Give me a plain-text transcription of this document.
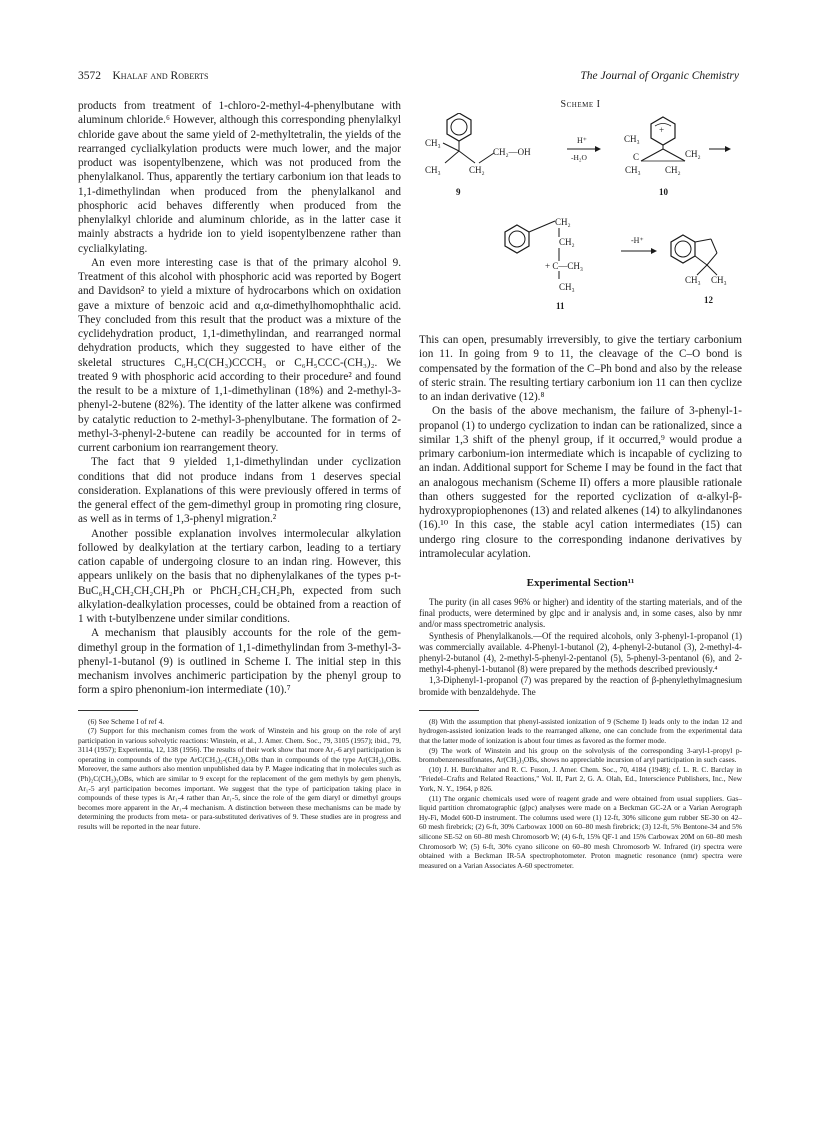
3572 Khalaf and Roberts	The Journal of Organic Chemistry

products from treatment of 1-chloro-2-methyl-4-phenylbutane with aluminum chloride.⁶ However, although this corresponding phenylalkyl chloride gave about the same yield of 2-methyltetralin, the yields of the rearranged cyclialkylation products were much lower, and the major product was isopentylbenzene, which was not produced from the phenylalkanol. Thus, apparently the tertiary carbonium ion that leads to 1,1-dimethylindan when produced from the phenylalkanol and phosphoric acid behaves differently when produced from the phenylalkyl chloride and aluminum chloride, as in the latter case it mainly abstracts a hydride ion to yield isopentylbenzene rather than cyclialkylating.

An even more interesting case is that of the primary alcohol 9. Treatment of this alcohol with phosphoric acid was reported by Bogert and Davidson² to yield a mixture of hydrocarbons which on oxidation gave a mixture of benzoic acid and α,α-dimethylhomophthalic acid. They concluded from this result that the product was a mixture of the cyclidehydration product, 1,1-dimethylindan, and rearranged normal dehydration products, which they suggested to have either of the skeletal structures C₆H₅C(CH₃)CCCH₃ or C₆H₅CCC-(CH₃)₂. We treated 9 with phosphoric acid according to their procedure² and found the result to be a mixture of 1,1-dimethylinan (18%) and 2-methyl-3-phenyl-2-butene (82%). The identity of the latter alkene was confirmed by catalytic reduction to 2-methyl-3-phenylbutane. The formation of 2-methyl-3-phenyl-2-butene can readily be accounted for in terms of current carbonium ion rearrangement theory.

The fact that 9 yielded 1,1-dimethylindan under cyclization conditions that did not produce indans from 1 deserves special consideration. Explanations of this were previously offered in terms of the general effect of the gem-dimethyl group in promoting ring closure, as well as in terms of 1,3-phenyl migration.²

Another possible explanation involves intermolecular alkylation followed by dealkylation at the tertiary carbon, leading to a tertiary cation capable of undergoing closure to an indan ring. However, this appears unlikely on the basis that no diphenylalkanes of the types p-t-BuC₆H₄CH₂CH₂CH₂Ph or PhCH₂CH₂CH₂Ph, expected from such alkylation-dealkylation processes, could be obtained from a reaction of 1 with t-butylbenzene under similar conditions.

A mechanism that plausibly accounts for the role of the gem-dimethyl group in the formation of 1,1-dimethylindan from 3-methyl-3-phenyl-1-butanol (9) is outlined in Scheme I. The initial step in this mechanism involves anchimeric participation by the phenyl group to form a spiro phenonium-ion intermediate (10).⁷

(6) See Scheme I of ref 4.

(7) Support for this mechanism comes from the work of Winstein and his group on the role of aryl participation in various solvolytic reactions: Winstein, et al., J. Amer. Chem. Soc., 79, 3105 (1957); ibid., 79, 3114 (1957); Experientia, 12, 138 (1956). The results of their work show that more Ar₁-6 aryl participation is operating in compounds of the type ArC(CH₃)₂-(CH₂)₂OBs than in compounds of the type Ar(CH₂)₄OBs. Moreover, the same authors also mention unpublished data by P. Magee indicating that in molecules such as (Ph)₂C(CH₂)₃OBs, which are similar to 9 except for the replacement of the gem methyls by gem phenyls, Ar₁-5 aryl participation becomes important. We suggest that the type of participation taking place in compounds of these types is Ar₁-4 rather than Ar₁-5, since the role of the gem diaryl or dimethyl groups becomes more apparent in the Ar₁-4 mechanism. A distinction between these mechanisms can be made by determining the products from meta- or para-substituted derivatives of 9. These studies are in progress and results will be reported in the near future.

Scheme I
CH₃
CH₃	CH₂
CH₂—OH
9
H⁺
-H₂O
+
CH₃
C
CH₃	CH₂
CH₂
10
CH₂
CH₂
+ C—CH₃
CH₃
11
-H⁺
CH₃ CH₃
12

This can open, presumably irreversibly, to give the tertiary carbonium ion 11. In going from 9 to 11, the cleavage of the C–O bond is compensated by the formation of the C–Ph bond and also by the release of steric strain. The resulting tertiary carbonium ion 11 can then cyclize to an indan derivative (12).⁸

On the basis of the above mechanism, the failure of 3-phenyl-1-propanol (1) to undergo cyclization to indan can be rationalized, since a similar 1,3 shift of the phenyl group, if it occurred,⁹ would produe a primary carbonium-ion intermediate which is incapable of cyclizing to an indan. Additional support for Scheme I may be found in the fact that an analogous mechanism (Scheme II) offers a more plausible rationale than others suggested for the reported cyclization of α-alkyl-β-hydroxypropiophenones (13) and related alkenes (14) to alkylindanones (16).¹⁰ In this case, the stable acyl cation intermediates (15) can undergo ring closure to the corresponding indanone derivatives by intramolecular acylation.

Experimental Section¹¹

The purity (in all cases 96% or higher) and identity of the starting materials, and of the final products, were determined by glpc and ir analysis and, in some cases, also by nmr and/or mass spectrometric analysis.

Synthesis of Phenylalkanols.—Of the required alcohols, only 3-phenyl-1-propanol (1) was commercially available. 4-Phenyl-1-butanol (2), 4-phenyl-2-butanol (3), 2-methyl-4-phenyl-2-butanol (4), 2-methyl-5-phenyl-2-pentanol (5), 5-phenyl-3-pentanol (6), and 2-methyl-4-phenyl-1-butanol (8) were prepared by the methods described previously.⁴

1,3-Diphenyl-1-propanol (7) was prepared by the reaction of β-phenylethylmagnesium bromide with benzaldehyde. The

(8) With the assumption that phenyl-assisted ionization of 9 (Scheme I) leads only to the indan 12 and hydrogen-assisted ionization leads to the rearranged alkene, one can conclude from the experimental data that the latter mode of ionization is about four times as favored as the former mode.

(9) The work of Winstein and his group on the solvolysis of the corresponding 3-aryl-1-propyl p-bromobenzenesulfonates, Ar(CH₂)₃OBs, shows no appreciable incursion of aryl participation in such cases.

(10) J. H. Burckhalter and R. C. Fuson, J. Amer. Chem. Soc., 70, 4184 (1948); cf. L. R. C. Barclay in "Friedel–Crafts and Related Reactions," Vol. II, Part 2, G. A. Olah, Ed., Interscience Publishers, Inc., New York, N. Y., 1964, p 826.

(11) The organic chemicals used were of reagent grade and were obtained from usual suppliers. Gas–liquid partition chromatographic (glpc) analyses were made on a Beckman GC-2A or a Varian Aerograph Hy-Fi, Model 600-D instrument. The columns used were (1) 12-ft, 30% silicone gum rubber SE-30 on 42–60 mesh firebrick; (2) 6-ft, 30% Carbowax 1000 on 60–80 mesh firebrick; (3) 12-ft, 5% Bentone-34 and 5% silicone SE-52 on 60–80 mesh Chromosorb W; (4) 6-ft, 15% QF-1 and 15% Carbowax 20M on 60–80 mesh Chromosorb W; (5) 6-ft, 30% cyano silicone on 60–80 mesh Chromosorb W. Infrared (ir) spectra were obtained with a Beckman IR-5A spectrophotometer. Proton magnetic resonance (nmr) spectra were measured on a Varian Associates A-60 spectrometer.
